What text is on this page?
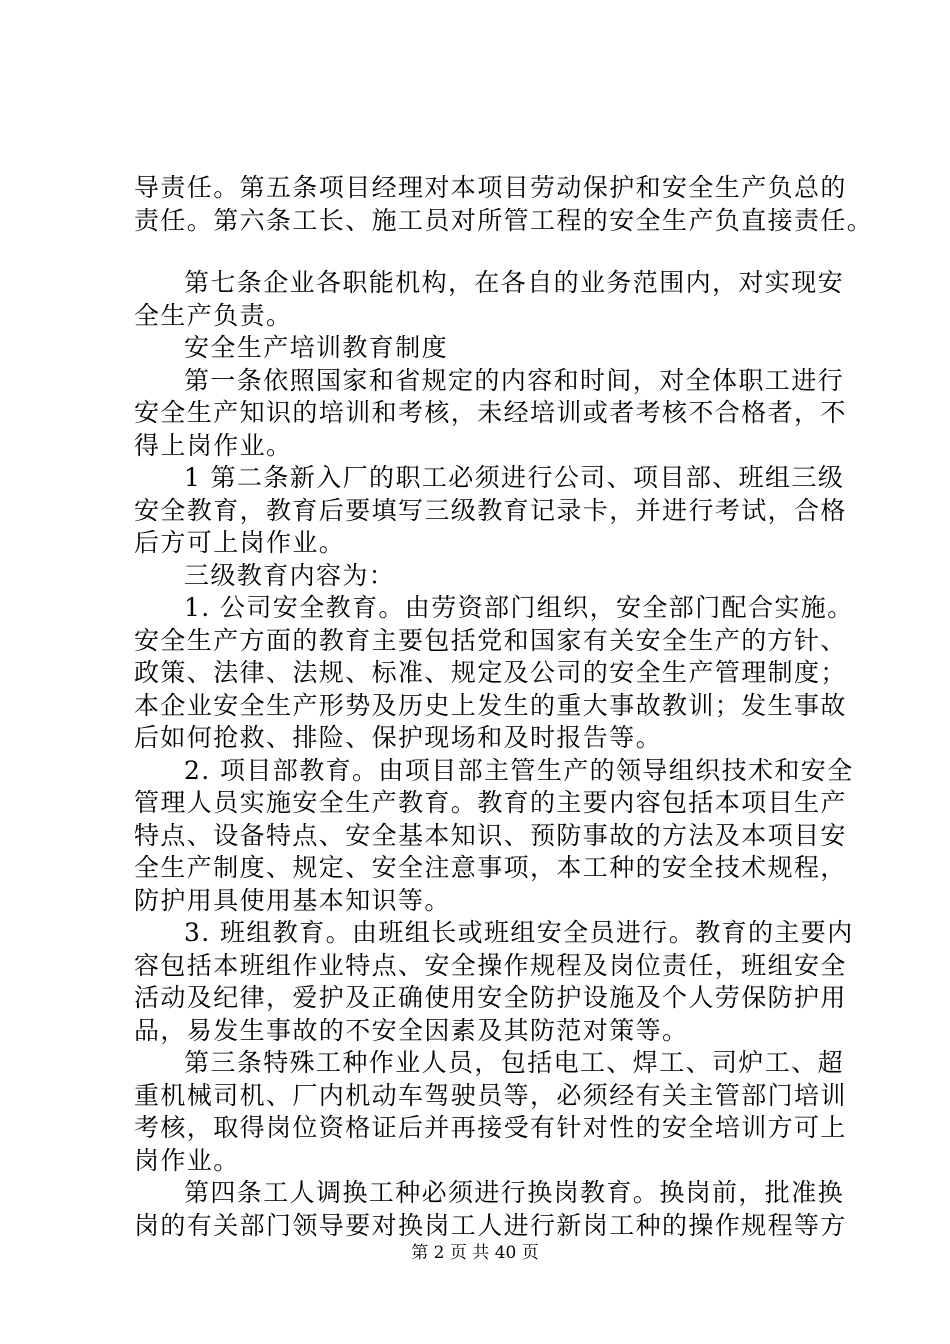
导责任。第五条项目经理对本项目劳动保护和安全生产负总的
责任。第六条工长、施工员对所管工程的安全生产负直接责任。
第七条企业各职能机构，在各自的业务范围内，对实现安
全生产负责。
安全生产培训教育制度
第一条依照国家和省规定的内容和时间，对全体职工进行
安全生产知识的培训和考核，未经培训或者考核不合格者，不
得上岗作业。
1 第二条新入厂的职工必须进行公司、项目部、班组三级
安全教育，教育后要填写三级教育记录卡，并进行考试，合格
后方可上岗作业。
三级教育内容为：
1. 公司安全教育。由劳资部门组织，安全部门配合实施。
安全生产方面的教育主要包括党和国家有关安全生产的方针、
政策、法律、法规、标准、规定及公司的安全生产管理制度；
本企业安全生产形势及历史上发生的重大事故教训；发生事故
后如何抢救、排险、保护现场和及时报告等。
2. 项目部教育。由项目部主管生产的领导组织技术和安全
管理人员实施安全生产教育。教育的主要内容包括本项目生产
特点、设备特点、安全基本知识、预防事故的方法及本项目安
全生产制度、规定、安全注意事项，本工种的安全技术规程，
防护用具使用基本知识等。
3. 班组教育。由班组长或班组安全员进行。教育的主要内
容包括本班组作业特点、安全操作规程及岗位责任，班组安全
活动及纪律，爱护及正确使用安全防护设施及个人劳保防护用
品，易发生事故的不安全因素及其防范对策等。
第三条特殊工种作业人员，包括电工、焊工、司炉工、超
重机械司机、厂内机动车驾驶员等，必须经有关主管部门培训
考核，取得岗位资格证后并再接受有针对性的安全培训方可上
岗作业。
第四条工人调换工种必须进行换岗教育。换岗前，批准换
岗的有关部门领导要对换岗工人进行新岗工种的操作规程等方
第 2 页 共 40 页
